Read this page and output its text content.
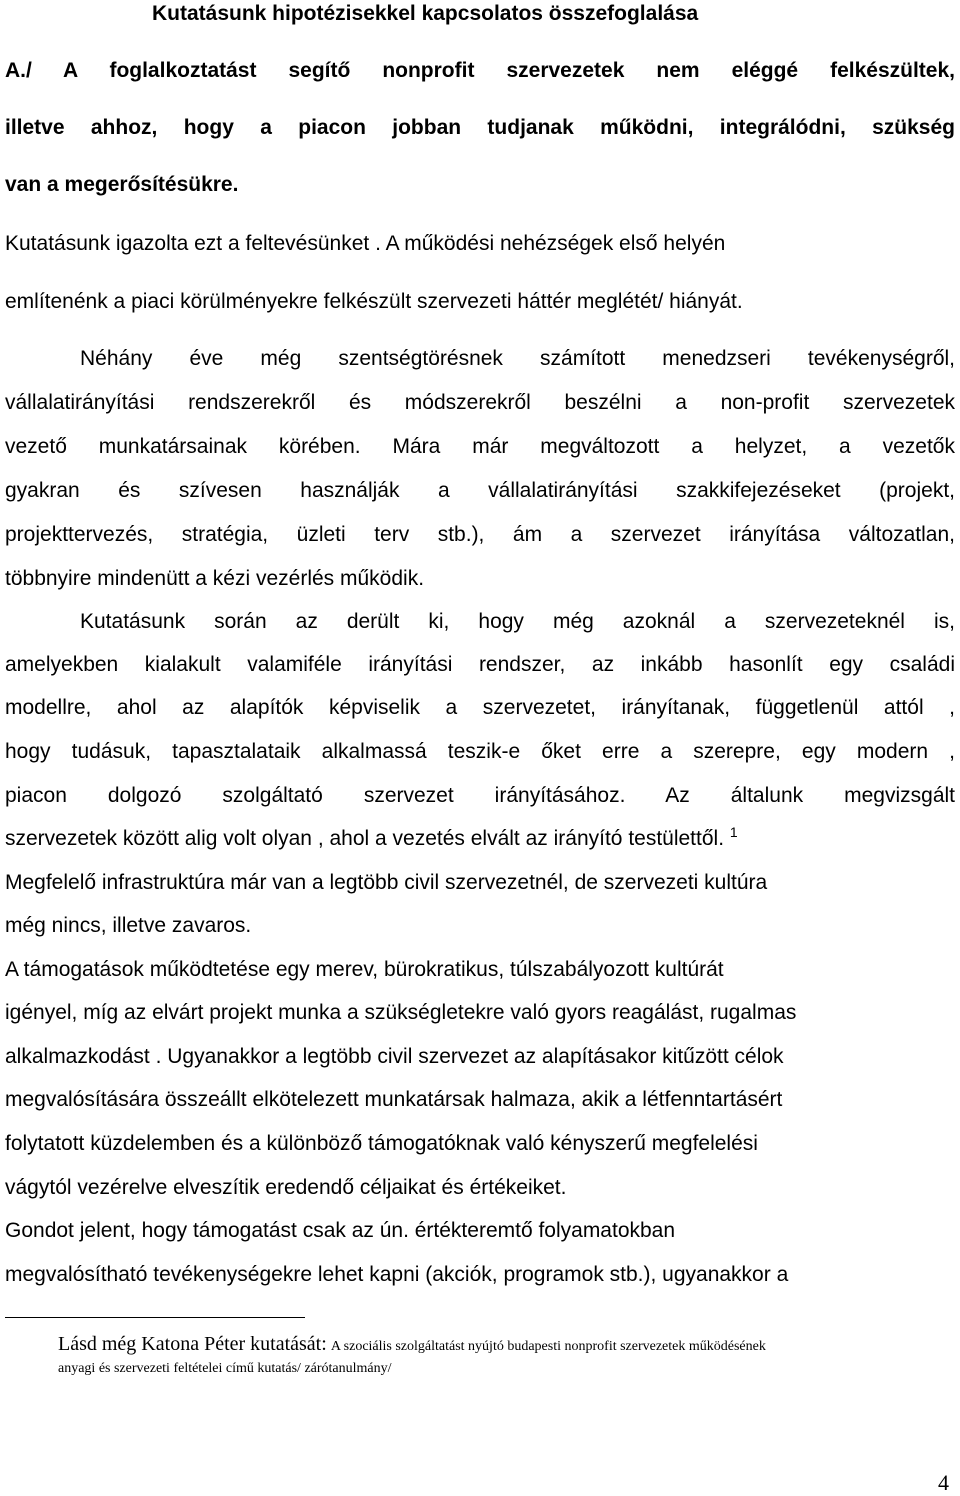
Kutatásunk hipotézisekkel kapcsolatos összefoglalása
A./ A foglalkoztatást segítő nonprofit szervezetek nem eléggé felkészültek,
illetve ahhoz, hogy a piacon jobban tudjanak működni, integrálódni, szükség
van a megerősítésükre.
Kutatásunk igazolta ezt a feltevésünket . A működési nehézségek első helyén
említenénk a piaci körülményekre felkészült szervezeti háttér meglétét/ hiányát.
Néhány éve még szentségtörésnek számított menedzseri tevékenységről,
vállalatirányítási rendszerekről és módszerekről beszélni a non-profit szervezetek
vezető munkatársainak körében. Mára már megváltozott a helyzet, a vezetők
gyakran és szívesen használják a vállalatirányítási szakkifejezéseket (projekt,
projekttervezés, stratégia, üzleti terv stb.), ám a szervezet irányítása változatlan,
többnyire mindenütt a kézi vezérlés működik.
Kutatásunk során az derült ki, hogy még azoknál a szervezeteknél is,
amelyekben kialakult valamiféle irányítási rendszer, az inkább hasonlít egy családi
modellre, ahol az alapítók képviselik a szervezetet, irányítanak, függetlenül attól ,
hogy tudásuk, tapasztalataik alkalmassá teszik-e őket erre a szerepre, egy modern ,
piacon dolgozó szolgáltató szervezet irányításához. Az általunk megvizsgált
szervezetek között alig volt olyan , ahol a vezetés elvált az irányító testülettől. $^1$
Megfelelő infrastruktúra már van a legtöbb civil szervezetnél, de szervezeti kultúra
még nincs, illetve zavaros.
A támogatások működtetése egy merev, bürokratikus, túlszabályozott kultúrát
igényel, míg az elvárt projekt munka a szükségletekre való gyors reagálást, rugalmas
alkalmazkodást . Ugyanakkor a legtöbb civil szervezet az alapításakor kitűzött célok
megvalósítására összeállt elkötelezett munkatársak halmaza, akik a létfenntartásért
folytatott küzdelemben és a különböző támogatóknak való kényszerű megfelelési
vágytól vezérelve elveszítik eredendő céljaikat és értékeiket.
Gondot jelent, hogy támogatást csak az ún. értékteremtő folyamatokban
megvalósítható tevékenységekre lehet kapni (akciók, programok stb.), ugyanakkor a
Lásd még Katona Péter kutatását: A szociális szolgáltatást nyújtó budapesti nonprofit szervezetek működésének
anyagi és szervezeti feltételei című kutatás/ zárótanulmány/
4
